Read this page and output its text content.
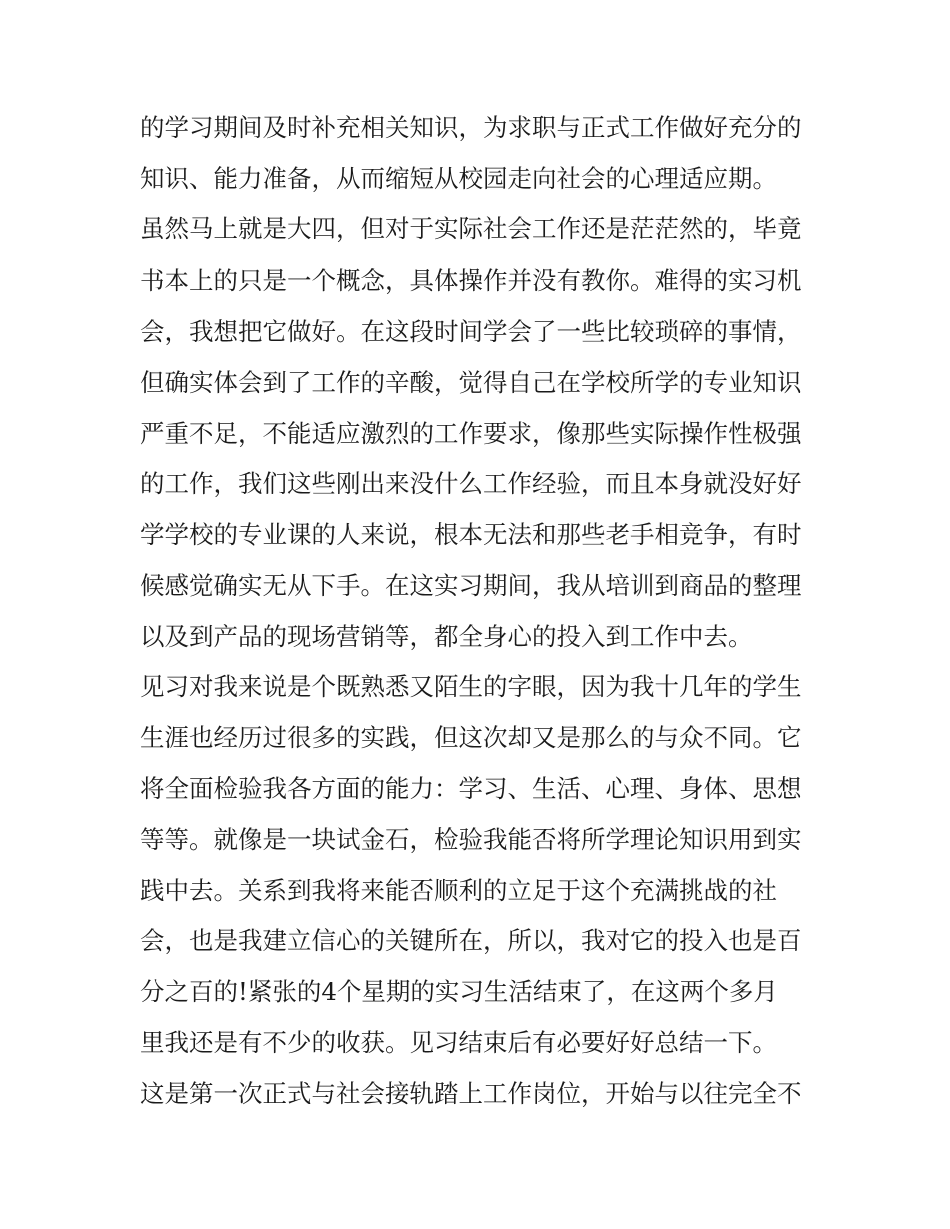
的学习期间及时补充相关知识，为求职与正式工作做好充分的
知识、能力准备，从而缩短从校园走向社会的心理适应期。
虽然马上就是大四，但对于实际社会工作还是茫茫然的，毕竟
书本上的只是一个概念，具体操作并没有教你。难得的实习机
会，我想把它做好。在这段时间学会了一些比较琐碎的事情，
但确实体会到了工作的辛酸，觉得自己在学校所学的专业知识
严重不足，不能适应激烈的工作要求，像那些实际操作性极强
的工作，我们这些刚出来没什么工作经验，而且本身就没好好
学学校的专业课的人来说，根本无法和那些老手相竞争，有时
候感觉确实无从下手。在这实习期间，我从培训到商品的整理
以及到产品的现场营销等，都全身心的投入到工作中去。
见习对我来说是个既熟悉又陌生的字眼，因为我十几年的学生
生涯也经历过很多的实践，但这次却又是那么的与众不同。它
将全面检验我各方面的能力：学习、生活、心理、身体、思想
等等。就像是一块试金石，检验我能否将所学理论知识用到实
践中去。关系到我将来能否顺利的立足于这个充满挑战的社
会，也是我建立信心的关键所在，所以，我对它的投入也是百
分之百的!紧张的4个星期的实习生活结束了，在这两个多月
里我还是有不少的收获。见习结束后有必要好好总结一下。
这是第一次正式与社会接轨踏上工作岗位，开始与以往完全不
